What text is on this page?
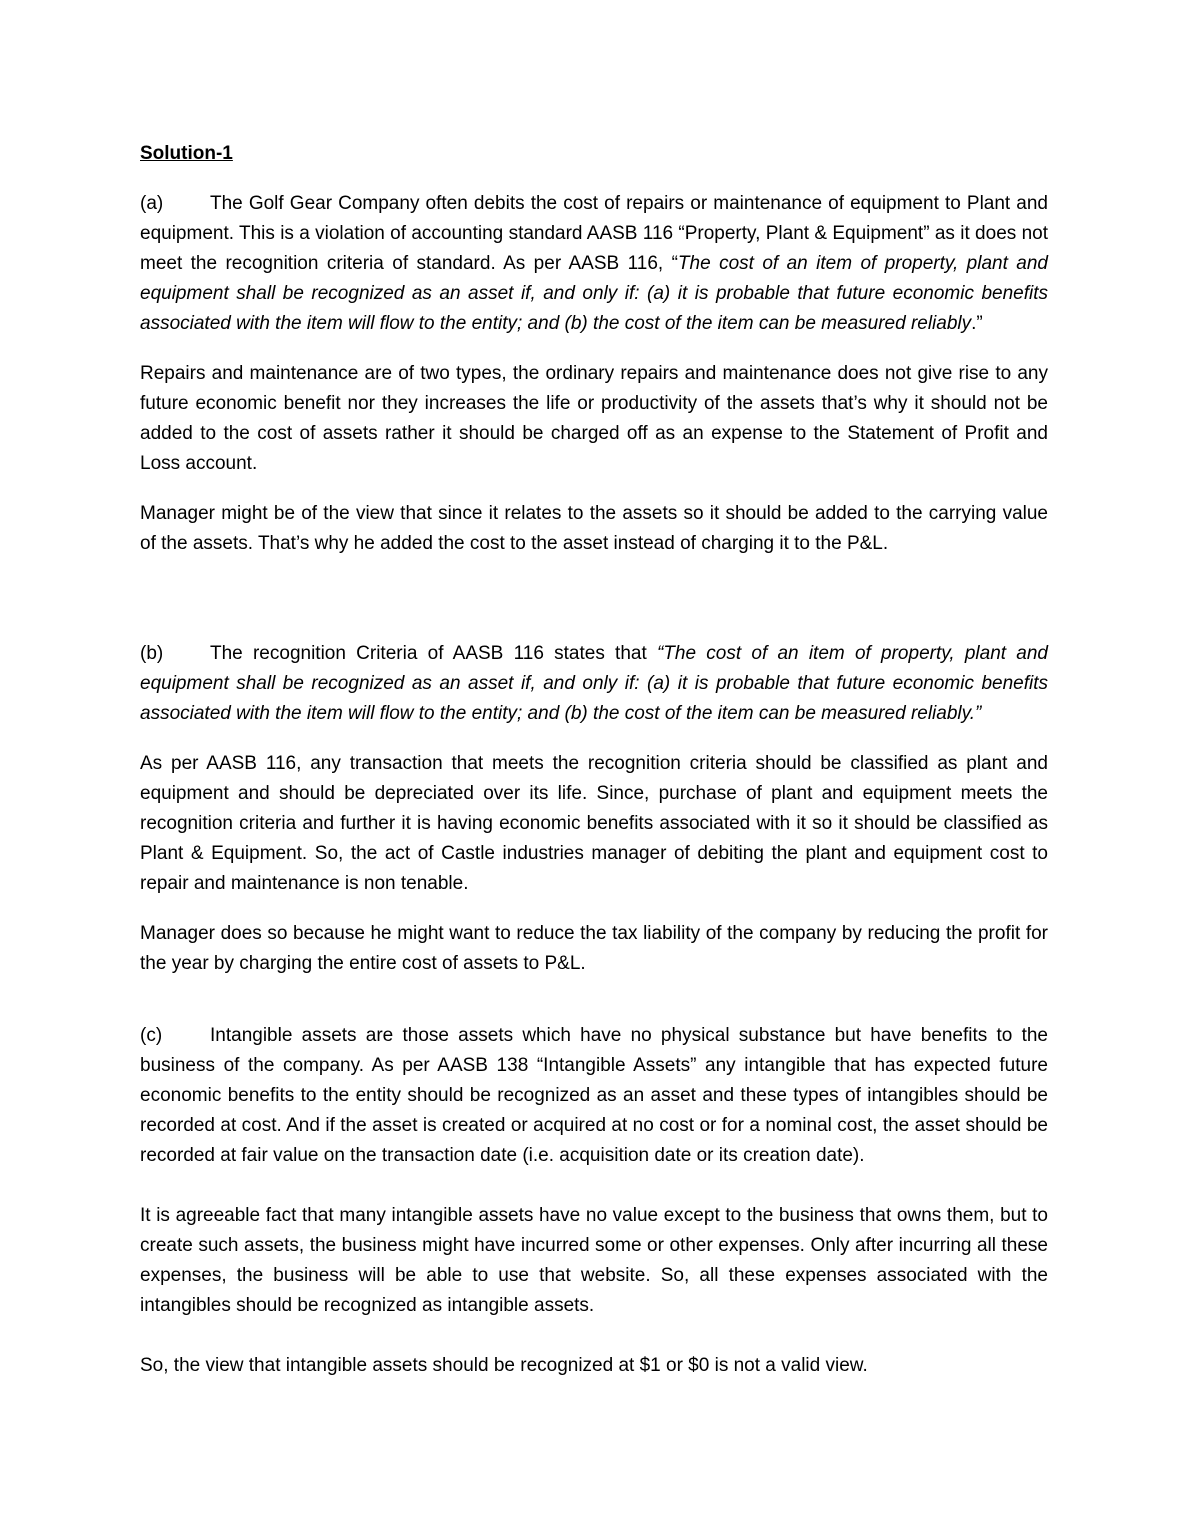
Solution-1

(a) The Golf Gear Company often debits the cost of repairs or maintenance of equipment to Plant and equipment. This is a violation of accounting standard AASB 116 “Property, Plant & Equipment” as it does not meet the recognition criteria of standard. As per AASB 116, “The cost of an item of property, plant and equipment shall be recognized as an asset if, and only if: (a) it is probable that future economic benefits associated with the item will flow to the entity; and (b) the cost of the item can be measured reliably.”

Repairs and maintenance are of two types, the ordinary repairs and maintenance does not give rise to any future economic benefit nor they increases the life or productivity of the assets that’s why it should not be added to the cost of assets rather it should be charged off as an expense to the Statement of Profit and Loss account.

Manager might be of the view that since it relates to the assets so it should be added to the carrying value of the assets. That’s why he added the cost to the asset instead of charging it to the P&L.

(b) The recognition Criteria of AASB 116 states that “The cost of an item of property, plant and equipment shall be recognized as an asset if, and only if: (a) it is probable that future economic benefits associated with the item will flow to the entity; and (b) the cost of the item can be measured reliably.”

As per AASB 116, any transaction that meets the recognition criteria should be classified as plant and equipment and should be depreciated over its life. Since, purchase of plant and equipment meets the recognition criteria and further it is having economic benefits associated with it so it should be classified as Plant & Equipment. So, the act of Castle industries manager of debiting the plant and equipment cost to repair and maintenance is non tenable.

Manager does so because he might want to reduce the tax liability of the company by reducing the profit for the year by charging the entire cost of assets to P&L.

(c)	Intangible assets are those assets which have no physical substance but have benefits to the business of the company. As per AASB 138 “Intangible Assets” any intangible that has expected future economic benefits to the entity should be recognized as an asset and these types of intangibles should be recorded at cost. And if the asset is created or acquired at no cost or for a nominal cost, the asset should be recorded at fair value on the transaction date (i.e. acquisition date or its creation date).

It is agreeable fact that many intangible assets have no value except to the business that owns them, but to create such assets, the business might have incurred some or other expenses. Only after incurring all these expenses, the business will be able to use that website. So, all these expenses associated with the intangibles should be recognized as intangible assets.

So, the view that intangible assets should be recognized at $1 or $0 is not a valid view.
